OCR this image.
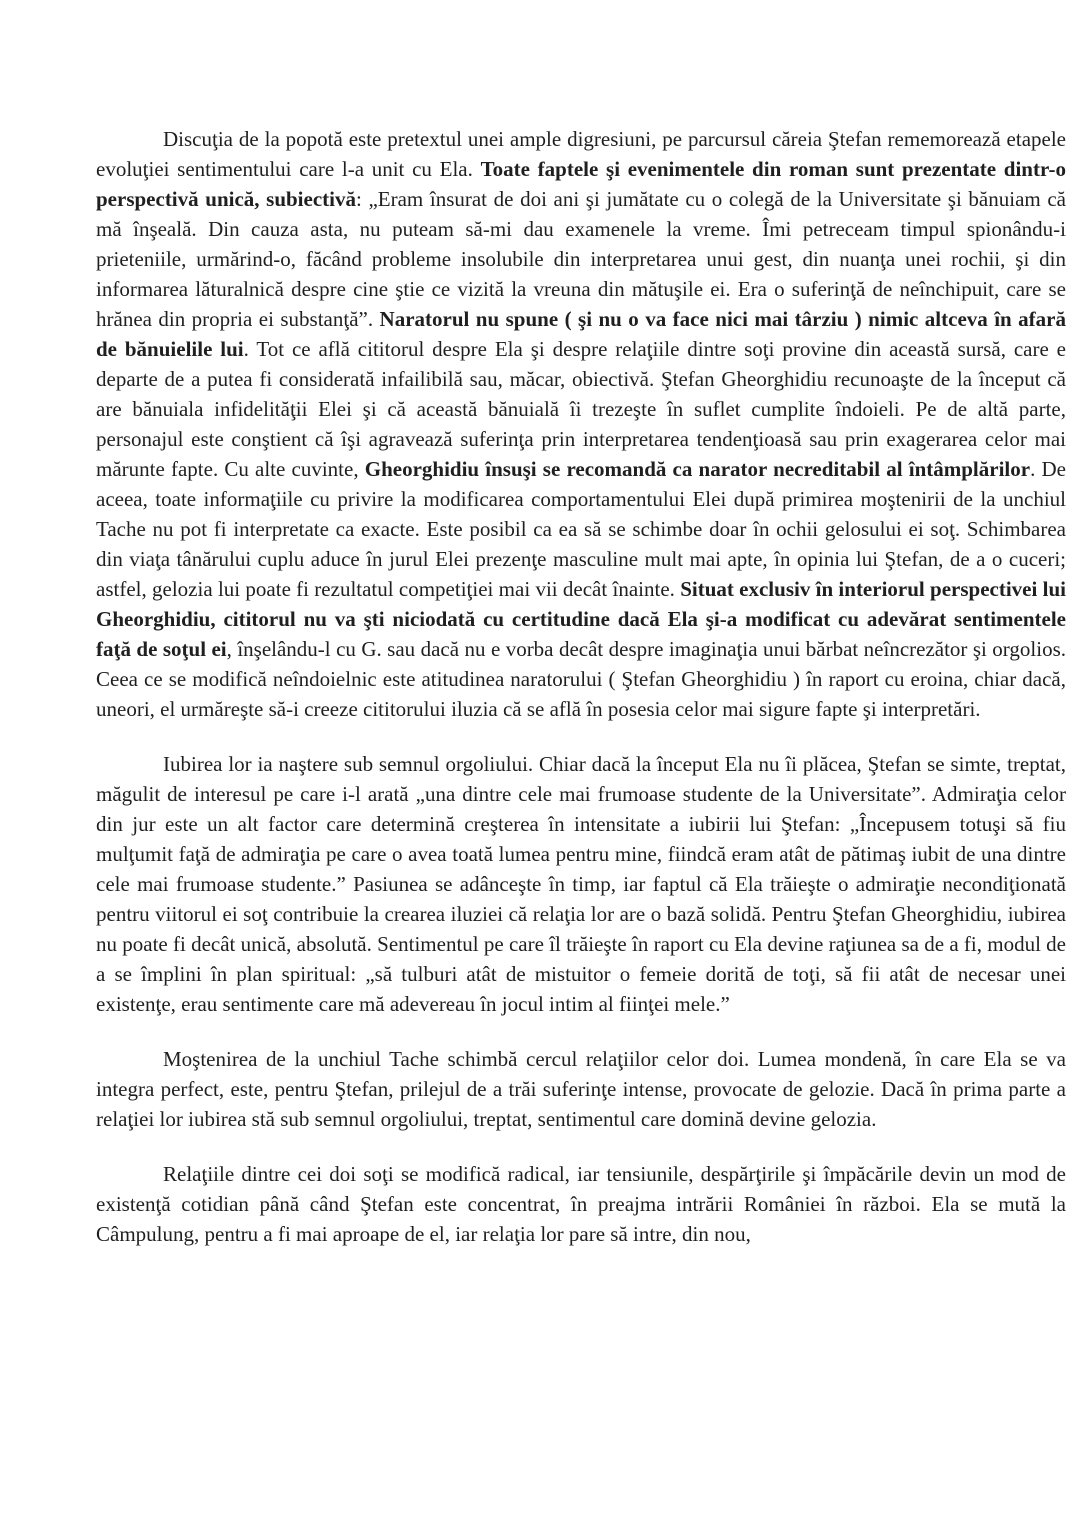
Discuţia de la popotă este pretextul unei ample digresiuni, pe parcursul căreia Ştefan rememorează etapele evoluţiei sentimentului care l-a unit cu Ela. Toate faptele şi evenimentele din roman sunt prezentate dintr-o perspectivă unică, subiectivă: „Eram însurat de doi ani şi jumătate cu o colegă de la Universitate şi bănuiam că mă înşeală. Din cauza asta, nu puteam să-mi dau examenele la vreme. Îmi petreceam timpul spionându-i prieteniile, urmărind-o, făcând probleme insolubile din interpretarea unui gest, din nuanţa unei rochii, şi din informarea lăturalnică despre cine ştie ce vizită la vreuna din mătuşile ei. Era o suferinţă de neînchipuit, care se hrănea din propria ei substanţă”. Naratorul nu spune ( şi nu o va face nici mai târziu ) nimic altceva în afară de bănuielile lui. Tot ce află cititorul despre Ela şi despre relaţiile dintre soţi provine din această sursă, care e departe de a putea fi considerată infailibilă sau, măcar, obiectivă. Ştefan Gheorghidiu recunoaşte de la început că are bănuiala infidelităţii Elei şi că această bănuială îi trezeşte în suflet cumplite îndoieli. Pe de altă parte, personajul este conştient că îşi agravează suferinţa prin interpretarea tendenţioasă sau prin exagerarea celor mai mărunte fapte. Cu alte cuvinte, Gheorghidiu însuşi se recomandă ca narator necreditabil al întâmplărilor. De aceea, toate informaţiile cu privire la modificarea comportamentului Elei după primirea moştenirii de la unchiul Tache nu pot fi interpretate ca exacte. Este posibil ca ea să se schimbe doar în ochii gelosului ei soţ. Schimbarea din viaţa tânărului cuplu aduce în jurul Elei prezenţe masculine mult mai apte, în opinia lui Ştefan, de a o cuceri; astfel, gelozia lui poate fi rezultatul competiţiei mai vii decât înainte. Situat exclusiv în interiorul perspectivei lui Gheorghidiu, cititorul nu va şti niciodată cu certitudine dacă Ela şi-a modificat cu adevărat sentimentele faţă de soţul ei, înşelându-l cu G. sau dacă nu e vorba decât despre imaginaţia unui bărbat neîncrezător şi orgolios. Ceea ce se modifică neîndoielnic este atitudinea naratorului ( Ştefan Gheorghidiu ) în raport cu eroina, chiar dacă, uneori, el urmăreşte să-i creeze cititorului iluzia că se află în posesia celor mai sigure fapte şi interpretări.

Iubirea lor ia naştere sub semnul orgoliului. Chiar dacă la început Ela nu îi plăcea, Ştefan se simte, treptat, măgulit de interesul pe care i-l arată „una dintre cele mai frumoase studente de la Universitate”. Admiraţia celor din jur este un alt factor care determină creşterea în intensitate a iubirii lui Ştefan: „Începusem totuşi să fiu mulţumit faţă de admiraţia pe care o avea toată lumea pentru mine, fiindcă eram atât de pătimaş iubit de una dintre cele mai frumoase studente.” Pasiunea se adânceşte în timp, iar faptul că Ela trăieşte o admiraţie necondiţionată pentru viitorul ei soţ contribuie la crearea iluziei că relaţia lor are o bază solidă. Pentru Ştefan Gheorghidiu, iubirea nu poate fi decât unică, absolută. Sentimentul pe care îl trăieşte în raport cu Ela devine raţiunea sa de a fi, modul de a se împlini în plan spiritual: „să tulburi atât de mistuitor o femeie dorită de toţi, să fii atât de necesar unei existenţe, erau sentimente care mă adevereau în jocul intim al fiinţei mele.”

Moştenirea de la unchiul Tache schimbă cercul relaţiilor celor doi. Lumea mondenă, în care Ela se va integra perfect, este, pentru Ştefan, prilejul de a trăi suferinţe intense, provocate de gelozie. Dacă în prima parte a relaţiei lor iubirea stă sub semnul orgoliului, treptat, sentimentul care domină devine gelozia.

Relaţiile dintre cei doi soţi se modifică radical, iar tensiunile, despărţirile şi împăcările devin un mod de existenţă cotidian până când Ştefan este concentrat, în preajma intrării României în război. Ela se mută la Câmpulung, pentru a fi mai aproape de el, iar relaţia lor pare să intre, din nou,
